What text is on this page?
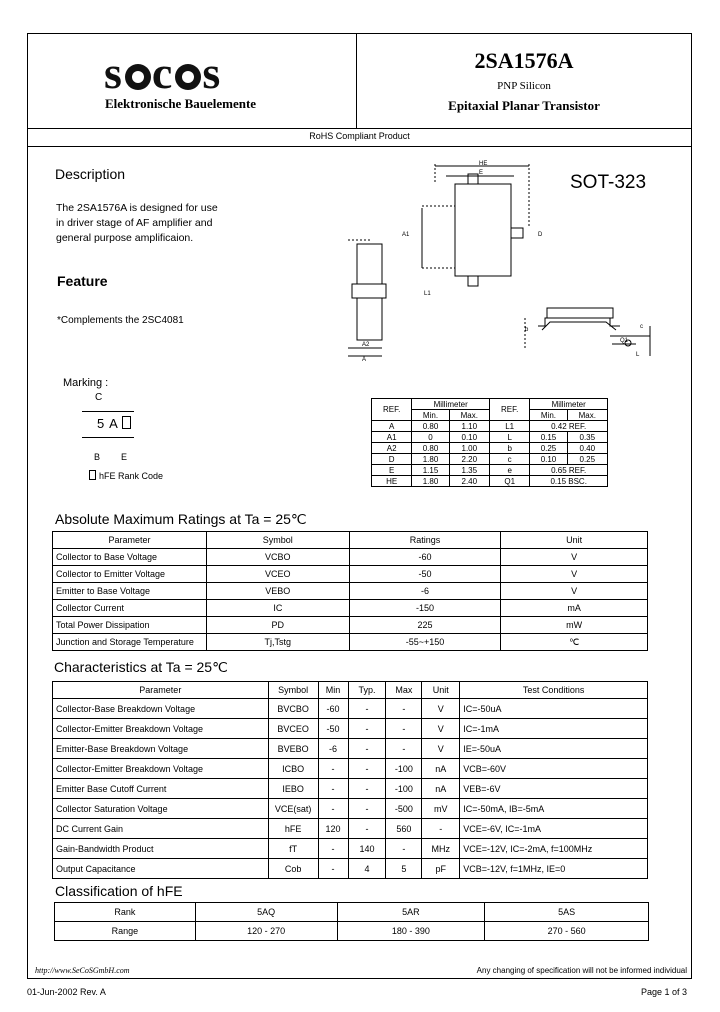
s c s
Elektronische Bauelemente
2SA1576A
PNP Silicon
Epitaxial Planar Transistor
RoHS Compliant Product
Description
The 2SA1576A is designed for use
in driver stage of AF amplifier and
general purpose amplificaion.
Feature
*Complements the 2SC4081
Marking :
C
5 A
B E
hFE Rank Code
SOT-323
HE
E
A1
L1
A2
A
D
c
Q1
L
b
REF.	Millimeter		REF.	Millimeter	
	Min.	Max.		Min.	Max.
A	0.80	1.10	L1	0.42 REF.	
A1	0	0.10	L	0.15	0.35
A2	0.80	1.00	b	0.25	0.40
D	1.80	2.20	c	0.10	0.25
E	1.15	1.35	e	0.65 REF.	
HE	1.80	2.40	Q1	0.15 BSC.	
Absolute Maximum Ratings at Ta = 25℃
Parameter	Symbol	Ratings	Unit
Collector to Base Voltage	VCBO	-60	V
Collector to Emitter Voltage	VCEO	-50	V
Emitter to Base Voltage	VEBO	-6	V
Collector Current	IC	-150	mA
Total Power Dissipation	PD	225	mW
Junction and Storage Temperature	Tj,Tstg	-55~+150	℃
Characteristics at Ta = 25℃
Parameter	Symbol	Min	Typ.	Max	Unit	Test Conditions
Collector-Base Breakdown Voltage	BVCBO	-60	-	-	V	IC=-50uA
Collector-Emitter Breakdown Voltage	BVCEO	-50	-	-	V	IC=-1mA
Emitter-Base Breakdown Voltage	BVEBO	-6	-	-	V	IE=-50uA
Collector-Emitter Breakdown Voltage	ICBO	-	-	-100	nA	VCB=-60V
Emitter Base Cutoff Current	IEBO	-	-	-100	nA	VEB=-6V
Collector Saturation Voltage	VCE(sat)	-	-	-500	mV	IC=-50mA, IB=-5mA
DC Current Gain	hFE	120	-	560	-	VCE=-6V, IC=-1mA
Gain-Bandwidth Product	fT	-	140	-	MHz	VCE=-12V, IC=-2mA, f=100MHz
Output Capacitance	Cob	-	4	5	pF	VCB=-12V, f=1MHz, IE=0
Classification of hFE
Rank	5AQ	5AR	5AS
Range	120 - 270	180 - 390	270 - 560
http://www.SeCoSGmbH.com	Any changing of specification will not be informed individual
01-Jun-2002 Rev. A	Page 1 of 3
